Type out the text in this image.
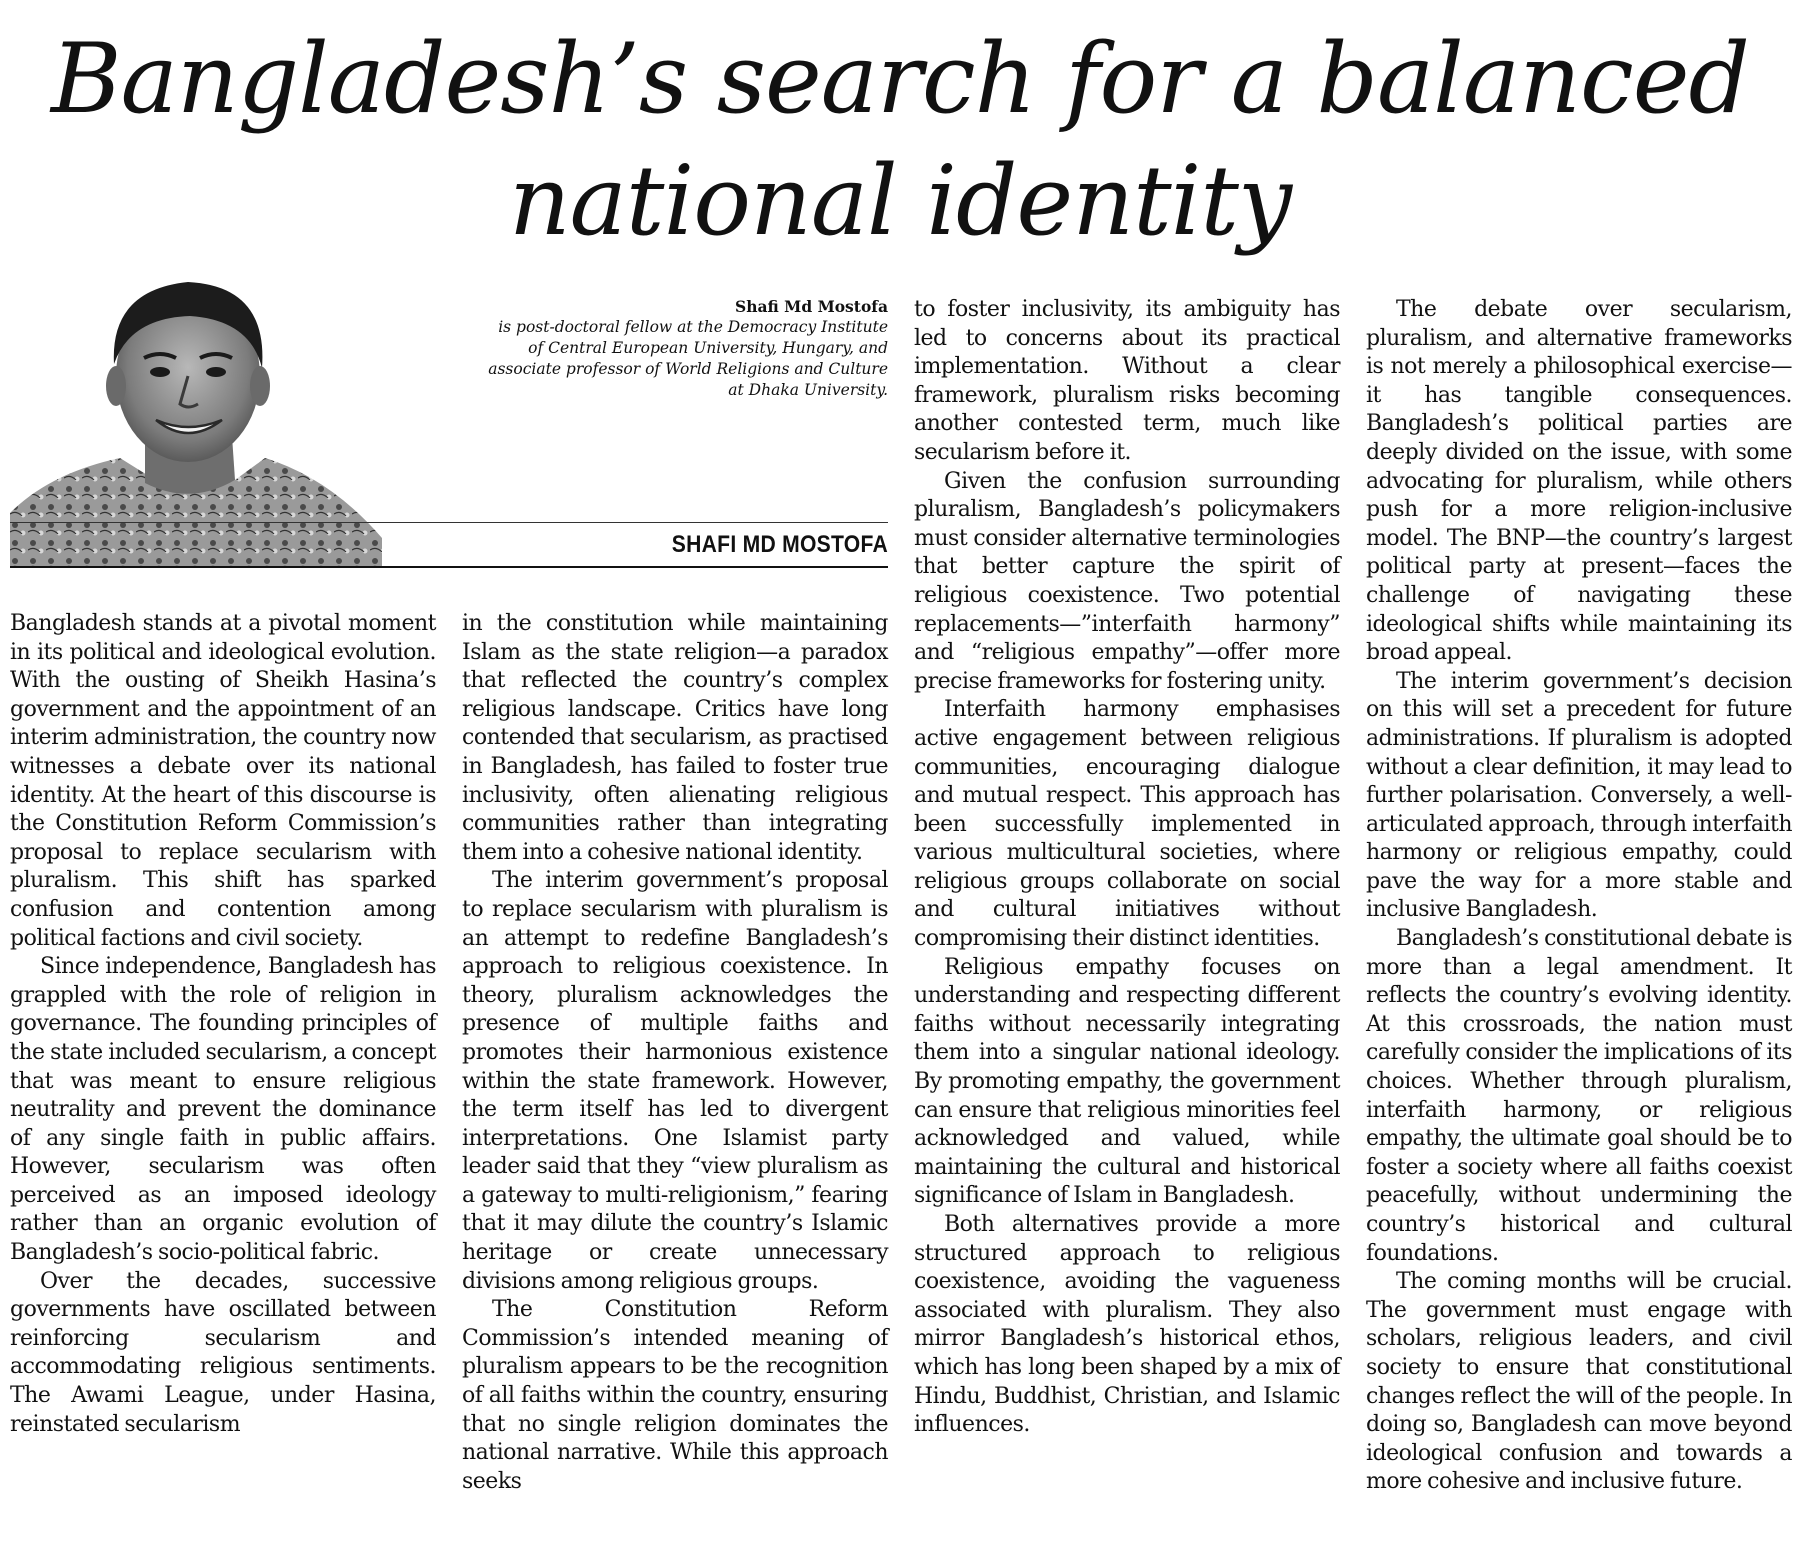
Bangladesh’s search for a balanced national identity
Shafi Md Mostofa
is post-doctoral fellow at the Democracy Institute of Central European University, Hungary, and associate professor of World Religions and Culture at Dhaka University.
SHAFI MD MOSTOFA

Bangladesh stands at a pivotal moment in its political and ideological evolution. With the ousting of Sheikh Hasina’s government and the appointment of an interim administration, the country now witnesses a debate over its national identity. At the heart of this discourse is the Constitution Reform Commission’s proposal to replace secularism with pluralism. This shift has sparked confusion and contention among political factions and civil society.

Since independence, Bangladesh has grappled with the role of religion in governance. The founding principles of the state included secularism, a concept that was meant to ensure religious neutrality and prevent the dominance of any single faith in public affairs. However, secularism was often perceived as an imposed ideology rather than an organic evolution of Bangladesh’s socio-political fabric.

Over the decades, successive governments have oscillated between reinforcing secularism and accommodating religious sentiments. The Awami League, under Hasina, reinstated secularism

in the constitution while maintaining Islam as the state religion—a paradox that reflected the country’s complex religious landscape. Critics have long contended that secularism, as practised in Bangladesh, has failed to foster true inclusivity, often alienating religious communities rather than integrating them into a cohesive national identity.

The interim government’s proposal to replace secularism with pluralism is an attempt to redefine Bangladesh’s approach to religious coexistence. In theory, pluralism acknowledges the presence of multiple faiths and promotes their harmonious existence within the state framework. However, the term itself has led to divergent interpretations. One Islamist party leader said that they “view pluralism as a gateway to multi-religionism,” fearing that it may dilute the country’s Islamic heritage or create unnecessary divisions among religious groups.

The Constitution Reform Commission’s intended meaning of pluralism appears to be the recognition of all faiths within the country, ensuring that no single religion dominates the national narrative. While this approach seeks

to foster inclusivity, its ambiguity has led to concerns about its practical implementation. Without a clear framework, pluralism risks becoming another contested term, much like secularism before it.

Given the confusion surrounding pluralism, Bangladesh’s policymakers must consider alternative terminologies that better capture the spirit of religious coexistence. Two potential replacements—”interfaith harmony” and “religious empathy”—offer more precise frameworks for fostering unity.

Interfaith harmony emphasises active engagement between religious communities, encouraging dialogue and mutual respect. This approach has been successfully implemented in various multicultural societies, where religious groups collaborate on social and cultural initiatives without compromising their distinct identities.

Religious empathy focuses on understanding and respecting different faiths without necessarily integrating them into a singular national ideology. By promoting empathy, the government can ensure that religious minorities feel acknowledged and valued, while maintaining the cultural and historical significance of Islam in Bangladesh.

Both alternatives provide a more structured approach to religious coexistence, avoiding the vagueness associated with pluralism. They also mirror Bangladesh’s historical ethos, which has long been shaped by a mix of Hindu, Buddhist, Christian, and Islamic influences.

The debate over secularism, pluralism, and alternative frameworks is not merely a philosophical exercise—it has tangible consequences. Bangladesh’s political parties are deeply divided on the issue, with some advocating for pluralism, while others push for a more religion-inclusive model. The BNP—the country’s largest political party at present—faces the challenge of navigating these ideological shifts while maintaining its broad appeal.

The interim government’s decision on this will set a precedent for future administrations. If pluralism is adopted without a clear definition, it may lead to further polarisation. Conversely, a well-articulated approach, through interfaith harmony or religious empathy, could pave the way for a more stable and inclusive Bangladesh.

Bangladesh’s constitutional debate is more than a legal amendment. It reflects the country’s evolving identity. At this crossroads, the nation must carefully consider the implications of its choices. Whether through pluralism, interfaith harmony, or religious empathy, the ultimate goal should be to foster a society where all faiths coexist peacefully, without undermining the country’s historical and cultural foundations.

The coming months will be crucial. The government must engage with scholars, religious leaders, and civil society to ensure that constitutional changes reflect the will of the people. In doing so, Bangladesh can move beyond ideological confusion and towards a more cohesive and inclusive future.
